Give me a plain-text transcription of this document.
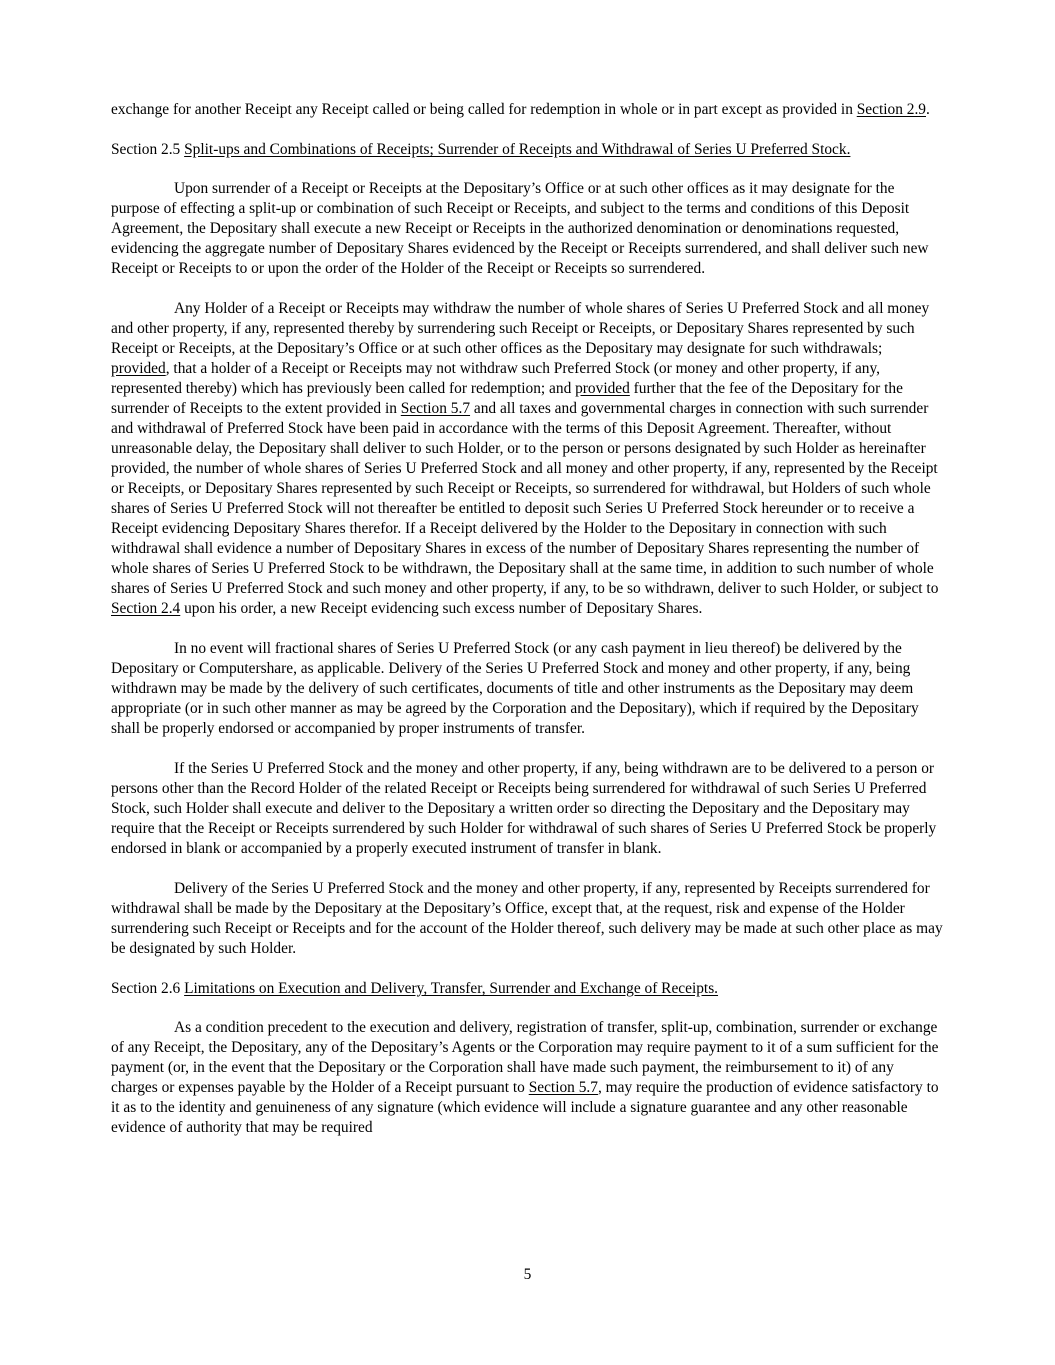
exchange for another Receipt any Receipt called or being called for redemption in whole or in part except as provided in Section 2.9.

Section 2.5 Split-ups and Combinations of Receipts; Surrender of Receipts and Withdrawal of Series U Preferred Stock.

Upon surrender of a Receipt or Receipts at the Depositary’s Office or at such other offices as it may designate for the purpose of effecting a split-up or combination of such Receipt or Receipts, and subject to the terms and conditions of this Deposit Agreement, the Depositary shall execute a new Receipt or Receipts in the authorized denomination or denominations requested, evidencing the aggregate number of Depositary Shares evidenced by the Receipt or Receipts surrendered, and shall deliver such new Receipt or Receipts to or upon the order of the Holder of the Receipt or Receipts so surrendered.

Any Holder of a Receipt or Receipts may withdraw the number of whole shares of Series U Preferred Stock and all money and other property, if any, represented thereby by surrendering such Receipt or Receipts, or Depositary Shares represented by such Receipt or Receipts, at the Depositary’s Office or at such other offices as the Depositary may designate for such withdrawals; provided, that a holder of a Receipt or Receipts may not withdraw such Preferred Stock (or money and other property, if any, represented thereby) which has previously been called for redemption; and provided further that the fee of the Depositary for the surrender of Receipts to the extent provided in Section 5.7 and all taxes and governmental charges in connection with such surrender and withdrawal of Preferred Stock have been paid in accordance with the terms of this Deposit Agreement. Thereafter, without unreasonable delay, the Depositary shall deliver to such Holder, or to the person or persons designated by such Holder as hereinafter provided, the number of whole shares of Series U Preferred Stock and all money and other property, if any, represented by the Receipt or Receipts, or Depositary Shares represented by such Receipt or Receipts, so surrendered for withdrawal, but Holders of such whole shares of Series U Preferred Stock will not thereafter be entitled to deposit such Series U Preferred Stock hereunder or to receive a Receipt evidencing Depositary Shares therefor. If a Receipt delivered by the Holder to the Depositary in connection with such withdrawal shall evidence a number of Depositary Shares in excess of the number of Depositary Shares representing the number of whole shares of Series U Preferred Stock to be withdrawn, the Depositary shall at the same time, in addition to such number of whole shares of Series U Preferred Stock and such money and other property, if any, to be so withdrawn, deliver to such Holder, or subject to Section 2.4 upon his order, a new Receipt evidencing such excess number of Depositary Shares.

In no event will fractional shares of Series U Preferred Stock (or any cash payment in lieu thereof) be delivered by the Depositary or Computershare, as applicable. Delivery of the Series U Preferred Stock and money and other property, if any, being withdrawn may be made by the delivery of such certificates, documents of title and other instruments as the Depositary may deem appropriate (or in such other manner as may be agreed by the Corporation and the Depositary), which if required by the Depositary shall be properly endorsed or accompanied by proper instruments of transfer.

If the Series U Preferred Stock and the money and other property, if any, being withdrawn are to be delivered to a person or persons other than the Record Holder of the related Receipt or Receipts being surrendered for withdrawal of such Series U Preferred Stock, such Holder shall execute and deliver to the Depositary a written order so directing the Depositary and the Depositary may require that the Receipt or Receipts surrendered by such Holder for withdrawal of such shares of Series U Preferred Stock be properly endorsed in blank or accompanied by a properly executed instrument of transfer in blank.

Delivery of the Series U Preferred Stock and the money and other property, if any, represented by Receipts surrendered for withdrawal shall be made by the Depositary at the Depositary’s Office, except that, at the request, risk and expense of the Holder surrendering such Receipt or Receipts and for the account of the Holder thereof, such delivery may be made at such other place as may be designated by such Holder.

Section 2.6 Limitations on Execution and Delivery, Transfer, Surrender and Exchange of Receipts.

As a condition precedent to the execution and delivery, registration of transfer, split-up, combination, surrender or exchange of any Receipt, the Depositary, any of the Depositary’s Agents or the Corporation may require payment to it of a sum sufficient for the payment (or, in the event that the Depositary or the Corporation shall have made such payment, the reimbursement to it) of any charges or expenses payable by the Holder of a Receipt pursuant to Section 5.7, may require the production of evidence satisfactory to it as to the identity and genuineness of any signature (which evidence will include a signature guarantee and any other reasonable evidence of authority that may be required

5
